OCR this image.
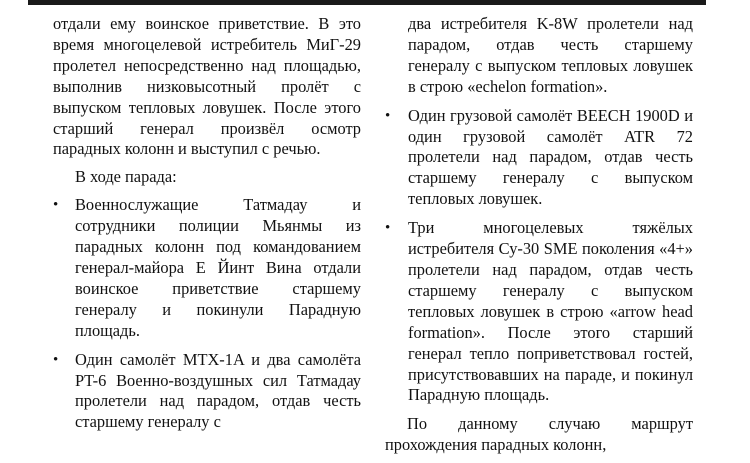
отдали ему воинское приветствие. В это время многоцелевой истребитель МиГ-29 пролетел непосредственно над площадью, выполнив низковысотный пролёт с выпуском тепловых ловушек. После этого старший генерал произвёл осмотр парадных колонн и выступил с речью.

В ходе парада:

• Военнослужащие Татмадау и сотрудники полиции Мьянмы из парадных колонн под командованием генерал-майора Е Йинт Вина отдали воинское приветствие старшему генералу и покинули Парадную площадь.
• Один самолёт MTX-1A и два самолёта PT-6 Военно-воздушных сил Татмадау пролетели над парадом, отдав честь старшему генералу с
два истребителя K-8W пролетели над парадом, отдав честь старшему генералу с выпуском тепловых ловушек в строю «echelon formation».
• Один грузовой самолёт BEECH 1900D и один грузовой самолёт ATR 72 пролетели над парадом, отдав честь старшему генералу с выпуском тепловых ловушек.
• Три многоцелевых тяжёлых истребителя Су-30 SME поколения «4+» пролетели над парадом, отдав честь старшему генералу с выпуском тепловых ловушек в строю «arrow head formation». После этого старший генерал тепло поприветствовал гостей, присутствовавших на параде, и покинул Парадную площадь.

По данному случаю маршрут прохождения парадных колонн,
